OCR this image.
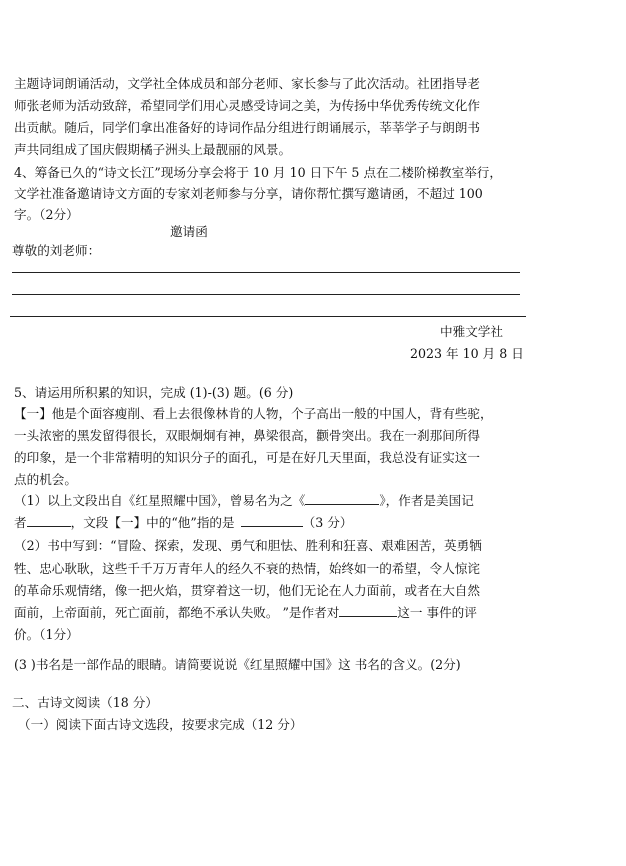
主题诗词朗诵活动，文学社全体成员和部分老师、家长参与了此次活动。社团指导老
师张老师为活动致辞，希望同学们用心灵感受诗词之美，为传扬中华优秀传统文化作
出贡献。随后，同学们拿出准备好的诗词作品分组进行朗诵展示，莘莘学子与朗朗书
声共同组成了国庆假期橘子洲头上最靓丽的风景。
4、筹备已久的“诗文长江”现场分享会将于 10 月 10 日下午 5 点在二楼阶梯教室举行，
文学社准备邀请诗文方面的专家刘老师参与分享，请你帮忙撰写邀请函，不超过 100
字。（2分）
邀请函
尊敬的刘老师：
中雅文学社
2023 年 10 月 8 日
5、请运用所积累的知识，完成 (1)-(3) 题。(6 分)
【一】他是个面容瘦削、看上去很像林肯的人物，个子高出一般的中国人，背有些驼，
一头浓密的黑发留得很长，双眼炯炯有神，鼻梁很高，颧骨突出。我在一刹那间所得
的印象，是一个非常精明的知识分子的面孔，可是在好几天里面，我总没有证实这一
点的机会。
（1）以上文段出自《红星照耀中国》，曾易名为之《	》，作者是美国记
者	，文段【一】中的“他”指的是	（3 分）
（2）书中写到：“冒险、探索，发现、勇气和胆怯、胜利和狂喜、艰难困苦，英勇牺
牲、忠心耿耿，这些千千万万青年人的经久不衰的热情，始终如一的希望，令人惊诧
的革命乐观情绪，像一把火焰，贯穿着这一切，他们无论在人力面前，或者在大自然
面前，上帝面前，死亡面前，都绝不承认失败。 ”是作者对	这一 事件的评
价。（1分）
(3 )书名是一部作品的眼睛。请简要说说《红星照耀中国》这 书名的含义。(2分)
二、古诗文阅读（18 分）
（一）阅读下面古诗文选段，按要求完成（12 分）
